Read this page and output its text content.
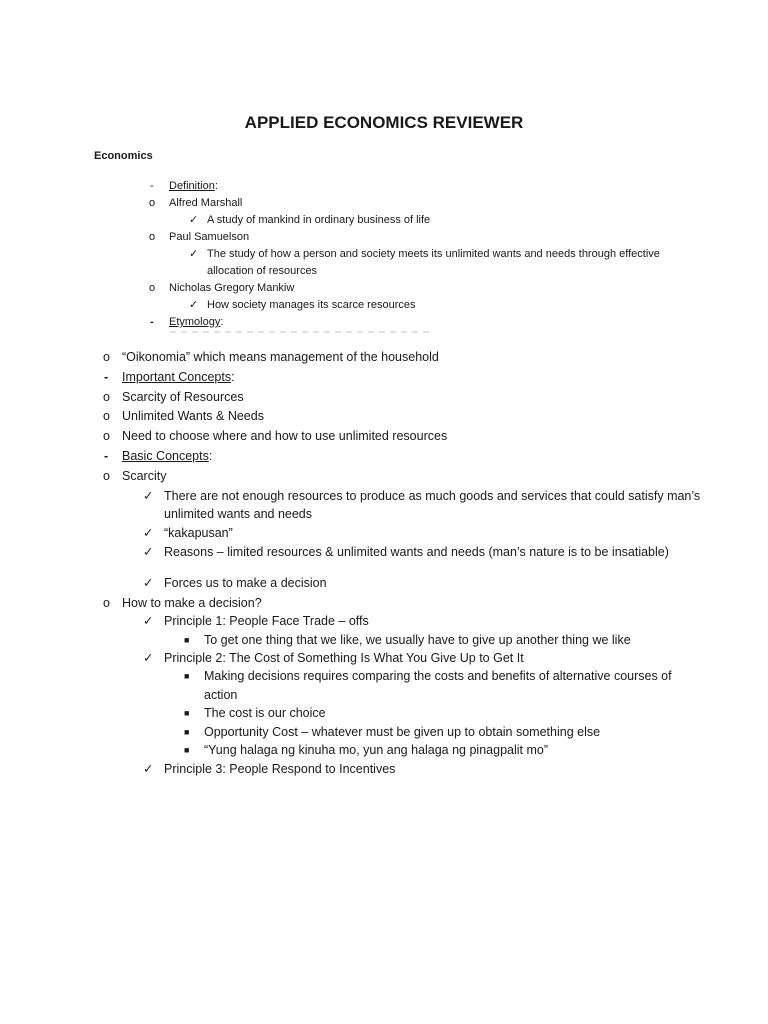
APPLIED ECONOMICS REVIEWER
Economics
- Definition:
o Alfred Marshall
✓ A study of mankind in ordinary business of life
o Paul Samuelson
✓ The study of how a person and society meets its unlimited wants and needs through effective
allocation of resources
o Nicholas Gregory Mankiw
✓ How society manages its scarce resources
- Etymology:
o “Oikonomia” which means management of the household
- Important Concepts:
o Scarcity of Resources
o Unlimited Wants & Needs
o Need to choose where and how to use unlimited resources
- Basic Concepts:
o Scarcity
✓ There are not enough resources to produce as much goods and services that could satisfy man’s
unlimited wants and needs
✓ “kakapusan”
✓ Reasons – limited resources & unlimited wants and needs (man’s nature is to be insatiable)
✓ Forces us to make a decision
o How to make a decision?
✓ Principle 1: People Face Trade – offs
■ To get one thing that we like, we usually have to give up another thing we like
✓ Principle 2: The Cost of Something Is What You Give Up to Get It
■ Making decisions requires comparing the costs and benefits of alternative courses of
action
■ The cost is our choice
■ Opportunity Cost – whatever must be given up to obtain something else
■ “Yung halaga ng kinuha mo, yun ang halaga ng pinagpalit mo”
✓ Principle 3: People Respond to Incentives
